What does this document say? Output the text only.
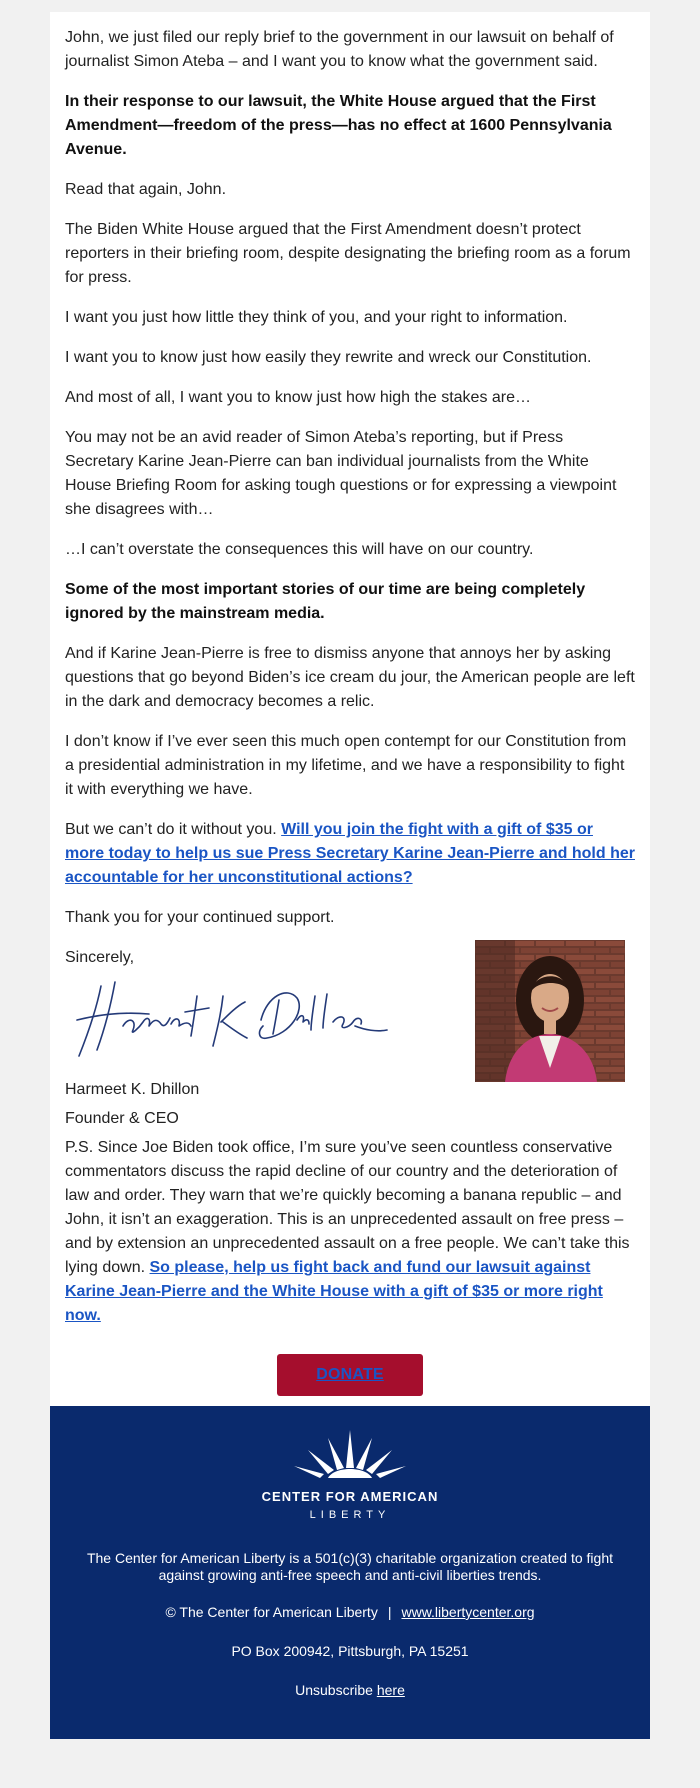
John, we just filed our reply brief to the government in our lawsuit on behalf of journalist Simon Ateba – and I want you to know what the government said.

In their response to our lawsuit, the White House argued that the First Amendment—freedom of the press—has no effect at 1600 Pennsylvania Avenue.

Read that again, John.

The Biden White House argued that the First Amendment doesn’t protect reporters in their briefing room, despite designating the briefing room as a forum for press.

I want you just how little they think of you, and your right to information.

I want you to know just how easily they rewrite and wreck our Constitution.

And most of all, I want you to know just how high the stakes are…

You may not be an avid reader of Simon Ateba’s reporting, but if Press Secretary Karine Jean-Pierre can ban individual journalists from the White House Briefing Room for asking tough questions or for expressing a viewpoint she disagrees with…

…I can’t overstate the consequences this will have on our country.

Some of the most important stories of our time are being completely ignored by the mainstream media.

And if Karine Jean-Pierre is free to dismiss anyone that annoys her by asking questions that go beyond Biden’s ice cream du jour, the American people are left in the dark and democracy becomes a relic.

I don’t know if I’ve ever seen this much open contempt for our Constitution from a presidential administration in my lifetime, and we have a responsibility to fight it with everything we have.

But we can’t do it without you. Will you join the fight with a gift of $35 or more today to help us sue Press Secretary Karine Jean-Pierre and hold her accountable for her unconstitutional actions?

Thank you for your continued support.

Sincerely,
Harmeet K. Dhillon
Founder & CEO

P.S. Since Joe Biden took office, I’m sure you’ve seen countless conservative commentators discuss the rapid decline of our country and the deterioration of law and order. They warn that we’re quickly becoming a banana republic – and John, it isn’t an exaggeration. This is an unprecedented assault on free press – and by extension an unprecedented assault on a free people. We can’t take this lying down. So please, help us fight back and fund our lawsuit against Karine Jean-Pierre and the White House with a gift of $35 or more right now.

DONATE
CENTER FOR AMERICAN
LIBERTY
The Center for American Liberty is a 501(c)(3) charitable organization created to fight against growing anti-free speech and anti-civil liberties trends.
© The Center for American Liberty | www.libertycenter.org
PO Box 200942, Pittsburgh, PA 15251
Unsubscribe here
